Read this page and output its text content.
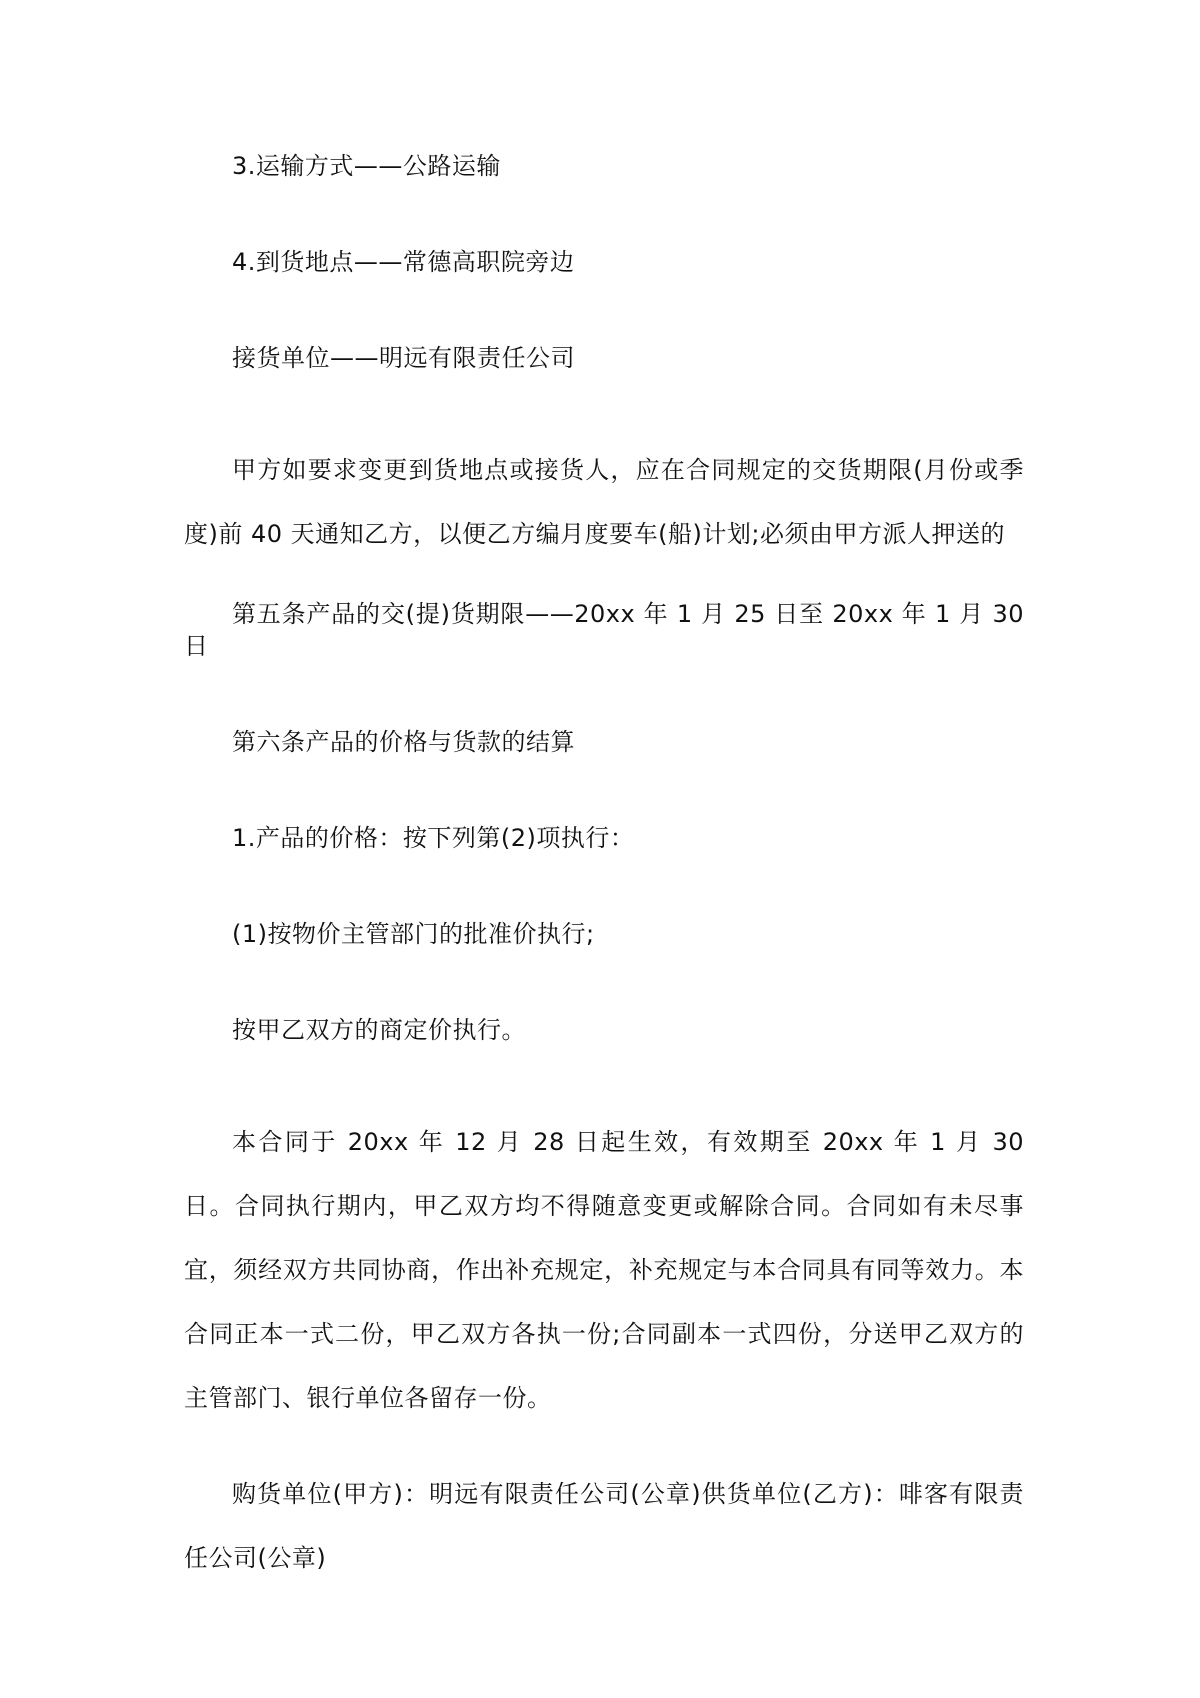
3.运输方式——公路运输

4.到货地点——常德高职院旁边

接货单位——明远有限责任公司

甲方如要求变更到货地点或接货人，应在合同规定的交货期限(月份或季度)前 40 天通知乙方，以便乙方编月度要车(船)计划;必须由甲方派人押送的

第五条产品的交(提)货期限——20xx 年 1 月 25 日至 20xx 年 1 月 30 日

第六条产品的价格与货款的结算

1.产品的价格：按下列第(2)项执行：

(1)按物价主管部门的批准价执行;

按甲乙双方的商定价执行。

本合同于 20xx 年 12 月 28 日起生效，有效期至 20xx 年 1 月 30 日。合同执行期内，甲乙双方均不得随意变更或解除合同。合同如有未尽事宜，须经双方共同协商，作出补充规定，补充规定与本合同具有同等效力。本合同正本一式二份，甲乙双方各执一份;合同副本一式四份，分送甲乙双方的主管部门、银行单位各留存一份。

购货单位(甲方)：明远有限责任公司(公章)供货单位(乙方)：啡客有限责任公司(公章)
